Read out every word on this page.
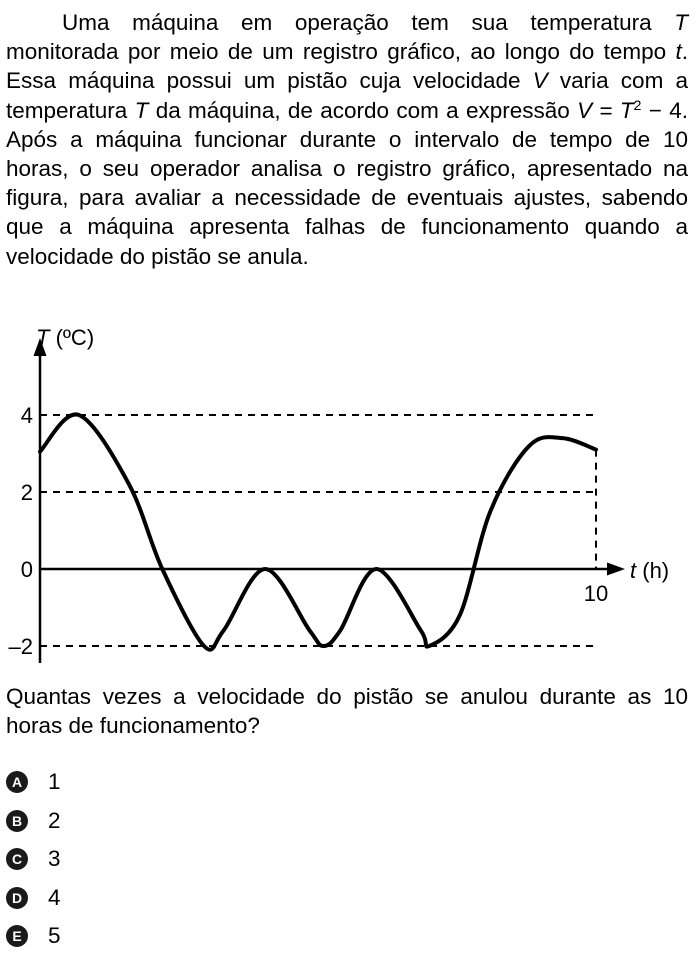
Uma máquina em operação tem sua temperatura T monitorada por meio de um registro gráfico, ao longo do tempo t. Essa máquina possui um pistão cuja velocidade V varia com a temperatura T da máquina, de acordo com a expressão $V = T^2 - 4$. Após a máquina funcionar durante o intervalo de tempo de 10 horas, o seu operador analisa o registro gráfico, apresentado na figura, para avaliar a necessidade de eventuais ajustes, sabendo que a máquina apresenta falhas de funcionamento quando a velocidade do pistão se anula.

T (ºC)
t (h)
10
4
2
0
–2

Quantas vezes a velocidade do pistão se anulou durante as 10 horas de funcionamento?

A 1
B 2
C 3
D 4
E 5
